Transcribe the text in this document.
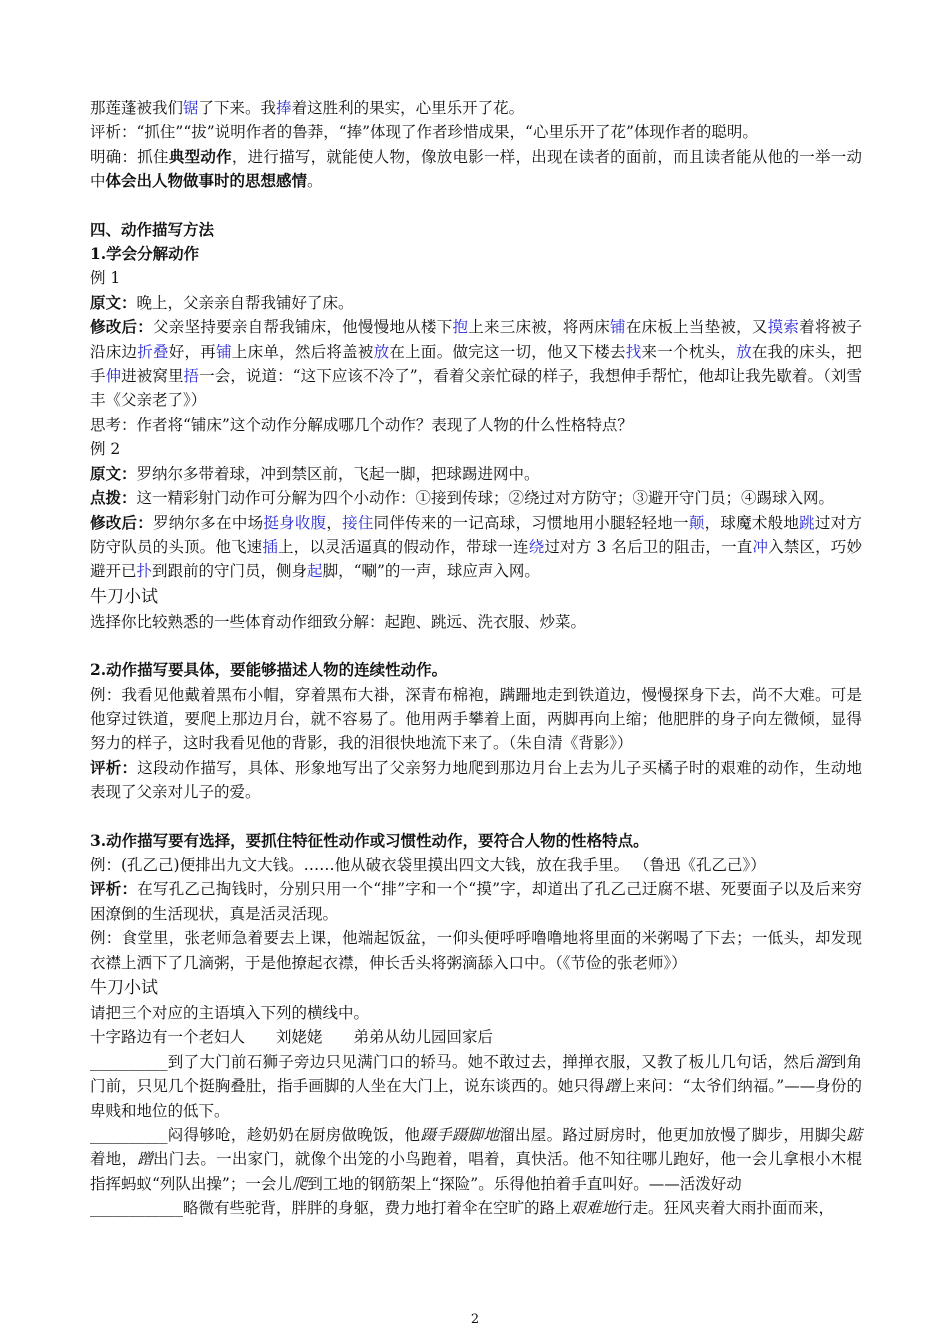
那莲蓬被我们锯了下来。我捧着这胜利的果实，心里乐开了花。

评析：“抓住”“拔”说明作者的鲁莽，“捧”体现了作者珍惜成果，“心里乐开了花”体现作者的聪明。

明确：抓住典型动作，进行描写，就能使人物，像放电影一样，出现在读者的面前，而且读者能从他的一举一动中体会出人物做事时的思想感情。

四、动作描写方法

1.学会分解动作

例 1

原文：晚上，父亲亲自帮我铺好了床。

修改后：父亲坚持要亲自帮我铺床，他慢慢地从楼下抱上来三床被，将两床铺在床板上当垫被，又摸索着将被子沿床边折叠好，再铺上床单，然后将盖被放在上面。做完这一切，他又下楼去找来一个枕头，放在我的床头，把手伸进被窝里捂一会，说道：“这下应该不冷了”，看着父亲忙碌的样子，我想伸手帮忙，他却让我先歇着。（刘雪丰《父亲老了》）

思考：作者将“铺床”这个动作分解成哪几个动作？表现了人物的什么性格特点？

例 2

原文：罗纳尔多带着球，冲到禁区前，飞起一脚，把球踢进网中。

点拨：这一精彩射门动作可分解为四个小动作：①接到传球；②绕过对方防守；③避开守门员；④踢球入网。

修改后：罗纳尔多在中场挺身收腹，接住同伴传来的一记高球，习惯地用小腿轻轻地一颠，球魔术般地跳过对方防守队员的头顶。他飞速插上，以灵活逼真的假动作，带球一连绕过对方 3 名后卫的阻击，一直冲入禁区，巧妙避开已扑到跟前的守门员，侧身起脚，“唰”的一声，球应声入网。

牛刀小试

选择你比较熟悉的一些体育动作细致分解：起跑、跳远、洗衣服、炒菜。

2.动作描写要具体，要能够描述人物的连续性动作。

例：我看见他戴着黑布小帽，穿着黑布大褂，深青布棉袍，蹒跚地走到铁道边，慢慢探身下去，尚不大难。可是他穿过铁道，要爬上那边月台，就不容易了。他用两手攀着上面，两脚再向上缩；他肥胖的身子向左微倾，显得努力的样子，这时我看见他的背影，我的泪很快地流下来了。（朱自清《背影》）

评析：这段动作描写，具体、形象地写出了父亲努力地爬到那边月台上去为儿子买橘子时的艰难的动作，生动地表现了父亲对儿子的爱。

3.动作描写要有选择，要抓住特征性动作或习惯性动作，要符合人物的性格特点。

例：(孔乙己)便排出九文大钱。……他从破衣袋里摸出四文大钱，放在我手里。 （鲁迅《孔乙己》）

评析：在写孔乙己掏钱时，分别只用一个“排”字和一个“摸”字，却道出了孔乙己迂腐不堪、死要面子以及后来穷困潦倒的生活现状，真是活灵活现。

例：食堂里，张老师急着要去上课，他端起饭盆，一仰头便呼呼噜噜地将里面的米粥喝了下去；一低头，却发现衣襟上洒下了几滴粥，于是他撩起衣襟，伸长舌头将粥滴舔入口中。（《节俭的张老师》）

牛刀小试

请把三个对应的主语填入下列的横线中。

十字路边有一个老妇人　　刘姥姥　　弟弟从幼儿园回家后

__________到了大门前石狮子旁边只见满门口的轿马。她不敢过去，掸掸衣服，又教了板儿几句话，然后溜到角门前，只见几个挺胸叠肚，指手画脚的人坐在大门上，说东谈西的。她只得蹭上来问：“太爷们纳福。”——身份的卑贱和地位的低下。

__________闷得够呛，趁奶奶在厨房做晚饭，他蹑手蹑脚地溜出屋。路过厨房时，他更加放慢了脚步，用脚尖踮着地，蹭出门去。一出家门，就像个出笼的小鸟跑着，唱着，真快活。他不知往哪儿跑好，他一会儿拿根小木棍指挥蚂蚁“列队出操”；一会儿爬到工地的钢筋架上“探险”。乐得他拍着手直叫好。——活泼好动

____________略微有些驼背，胖胖的身躯，费力地打着伞在空旷的路上艰难地行走。狂风夹着大雨扑面而来，

2
